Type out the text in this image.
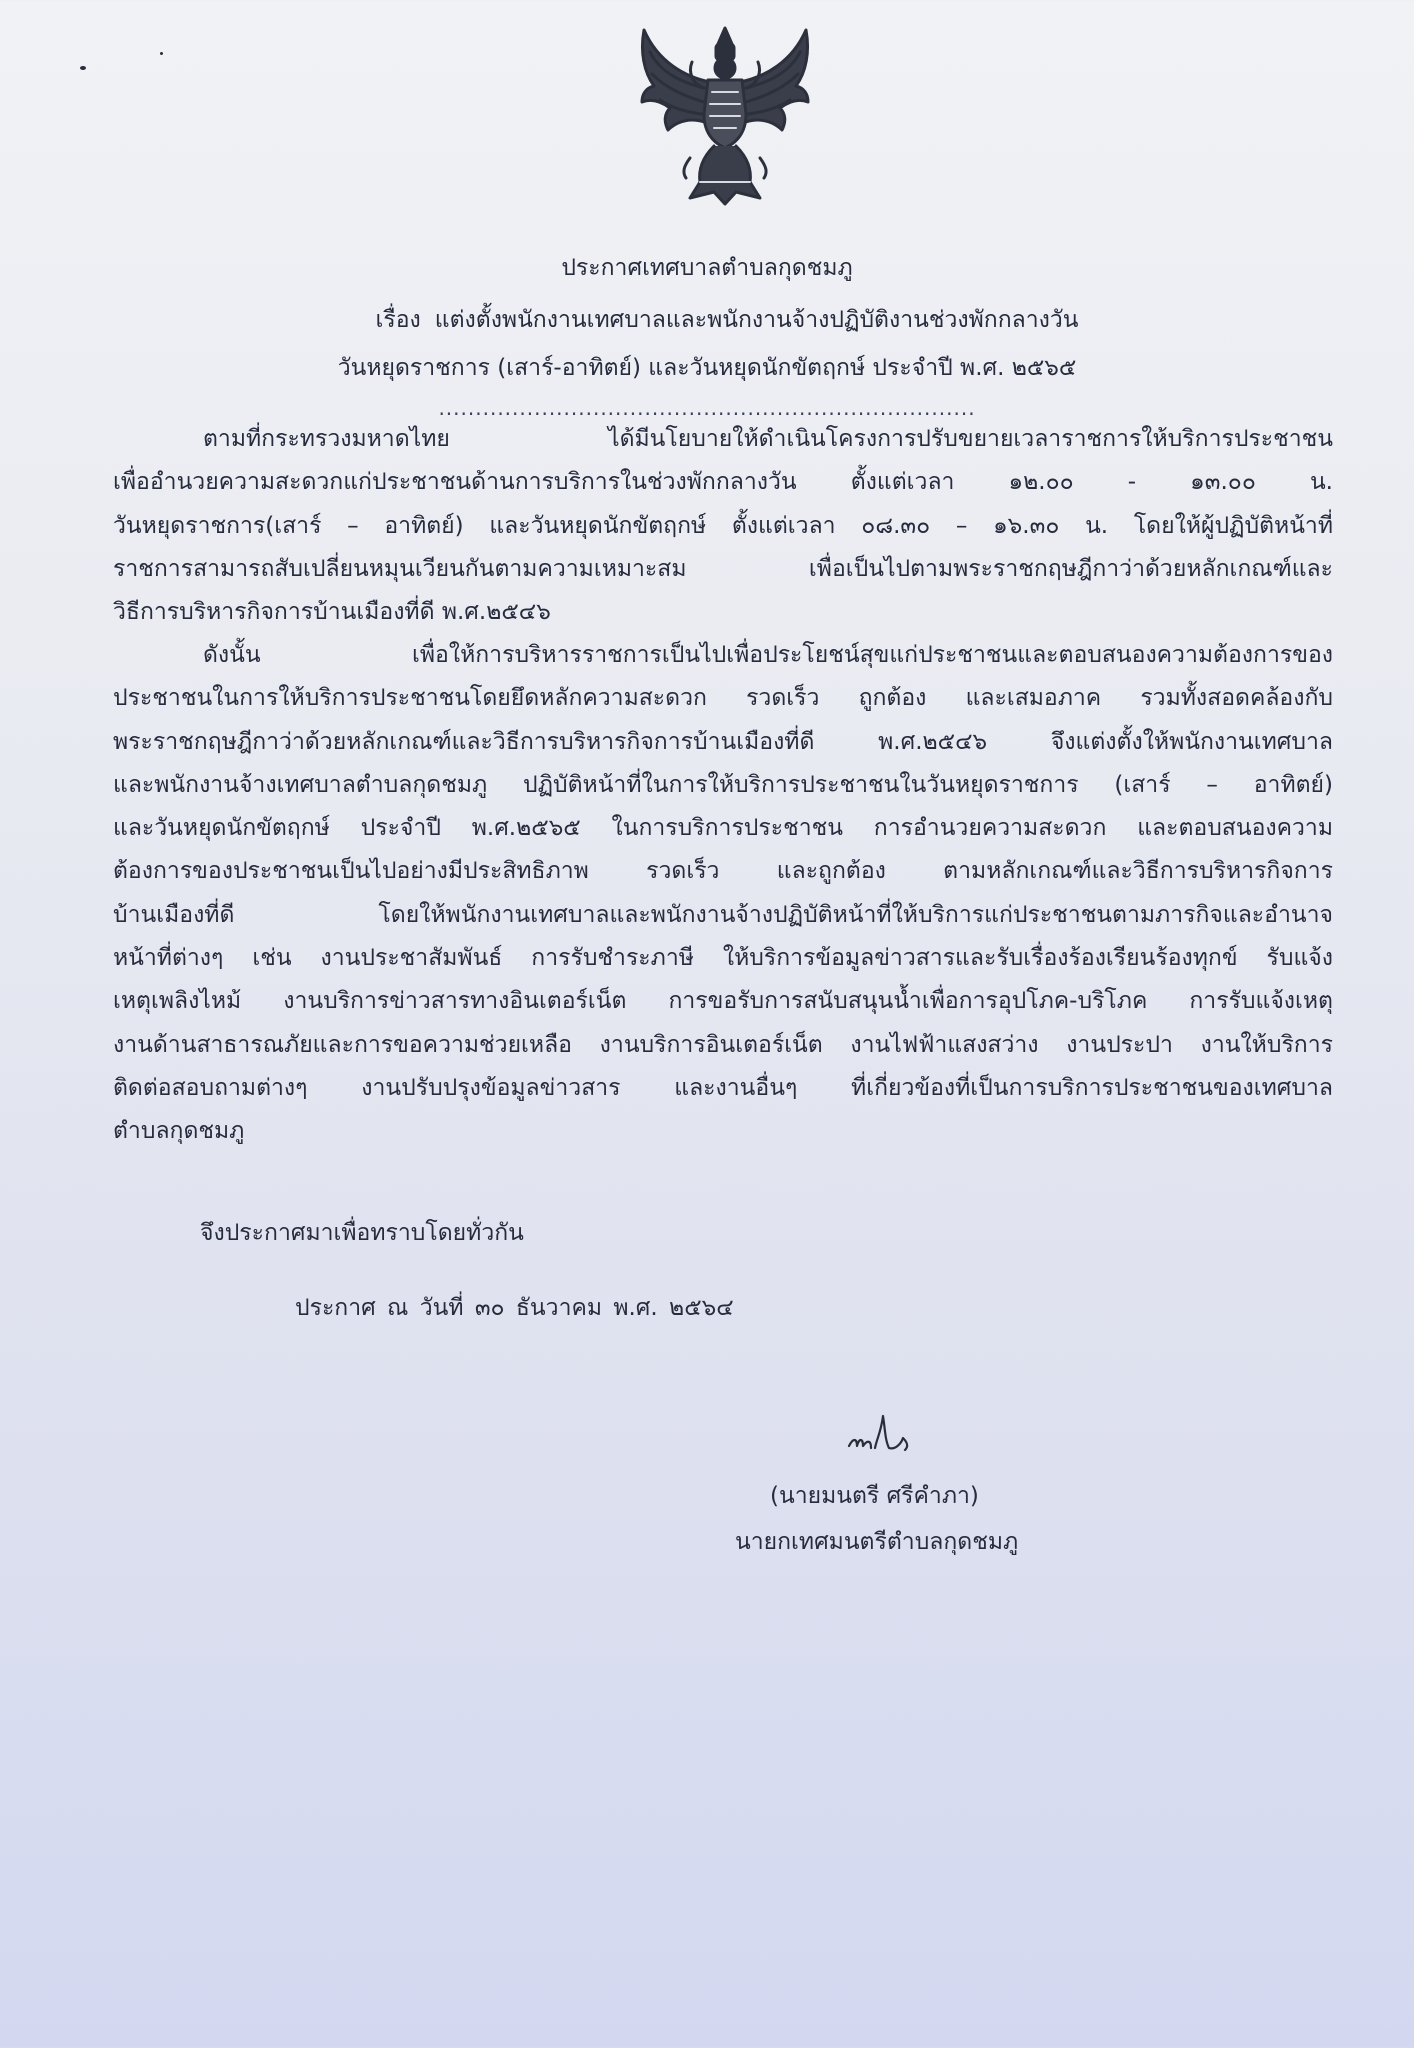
ประกาศเทศบาลตำบลกุดชมภู
เรื่อง แต่งตั้งพนักงานเทศบาลและพนักงานจ้างปฏิบัติงานช่วงพักกลางวัน
วันหยุดราชการ (เสาร์-อาทิตย์) และวันหยุดนักขัตฤกษ์ ประจำปี พ.ศ. ๒๕๖๕
.........................................................................
ตามที่กระทรวงมหาดไทย ได้มีนโยบายให้ดำเนินโครงการปรับขยายเวลาราชการให้บริการประชาชน
เพื่ออำนวยความสะดวกแก่ประชาชนด้านการบริการในช่วงพักกลางวัน ตั้งแต่เวลา ๑๒.๐๐ - ๑๓.๐๐ น.
วันหยุดราชการ(เสาร์ – อาทิตย์) และวันหยุดนักขัตฤกษ์ ตั้งแต่เวลา ๐๘.๓๐ – ๑๖.๓๐ น. โดยให้ผู้ปฏิบัติหน้าที่
ราชการสามารถสับเปลี่ยนหมุนเวียนกันตามความเหมาะสม เพื่อเป็นไปตามพระราชกฤษฎีกาว่าด้วยหลักเกณฑ์และ
วิธีการบริหารกิจการบ้านเมืองที่ดี พ.ศ.๒๕๔๖
ดังนั้น เพื่อให้การบริหารราชการเป็นไปเพื่อประโยชน์สุขแก่ประชาชนและตอบสนองความต้องการของ
ประชาชนในการให้บริการประชาชนโดยยึดหลักความสะดวก รวดเร็ว ถูกต้อง และเสมอภาค รวมทั้งสอดคล้องกับ
พระราชกฤษฎีกาว่าด้วยหลักเกณฑ์และวิธีการบริหารกิจการบ้านเมืองที่ดี พ.ศ.๒๕๔๖ จึงแต่งตั้งให้พนักงานเทศบาล
และพนักงานจ้างเทศบาลตำบลกุดชมภู ปฏิบัติหน้าที่ในการให้บริการประชาชนในวันหยุดราชการ (เสาร์ – อาทิตย์)
และวันหยุดนักขัตฤกษ์ ประจำปี พ.ศ.๒๕๖๕ ในการบริการประชาชน การอำนวยความสะดวก และตอบสนองความ
ต้องการของประชาชนเป็นไปอย่างมีประสิทธิภาพ รวดเร็ว และถูกต้อง ตามหลักเกณฑ์และวิธีการบริหารกิจการ
บ้านเมืองที่ดี โดยให้พนักงานเทศบาลและพนักงานจ้างปฏิบัติหน้าที่ให้บริการแก่ประชาชนตามภารกิจและอำนาจ
หน้าที่ต่างๆ เช่น งานประชาสัมพันธ์ การรับชำระภาษี ให้บริการข้อมูลข่าวสารและรับเรื่องร้องเรียนร้องทุกข์ รับแจ้ง
เหตุเพลิงไหม้ งานบริการข่าวสารทางอินเตอร์เน็ต การขอรับการสนับสนุนน้ำเพื่อการอุปโภค-บริโภค การรับแจ้งเหตุ
งานด้านสาธารณภัยและการขอความช่วยเหลือ งานบริการอินเตอร์เน็ต งานไฟฟ้าแสงสว่าง งานประปา งานให้บริการ
ติดต่อสอบถามต่างๆ งานปรับปรุงข้อมูลข่าวสาร และงานอื่นๆ ที่เกี่ยวข้องที่เป็นการบริการประชาชนของเทศบาล
ตำบลกุดชมภู
จึงประกาศมาเพื่อทราบโดยทั่วกัน
ประกาศ ณ วันที่ ๓๐ ธันวาคม พ.ศ. ๒๕๖๔
(นายมนตรี ศรีคำภา)
นายกเทศมนตรีตำบลกุดชมภู
